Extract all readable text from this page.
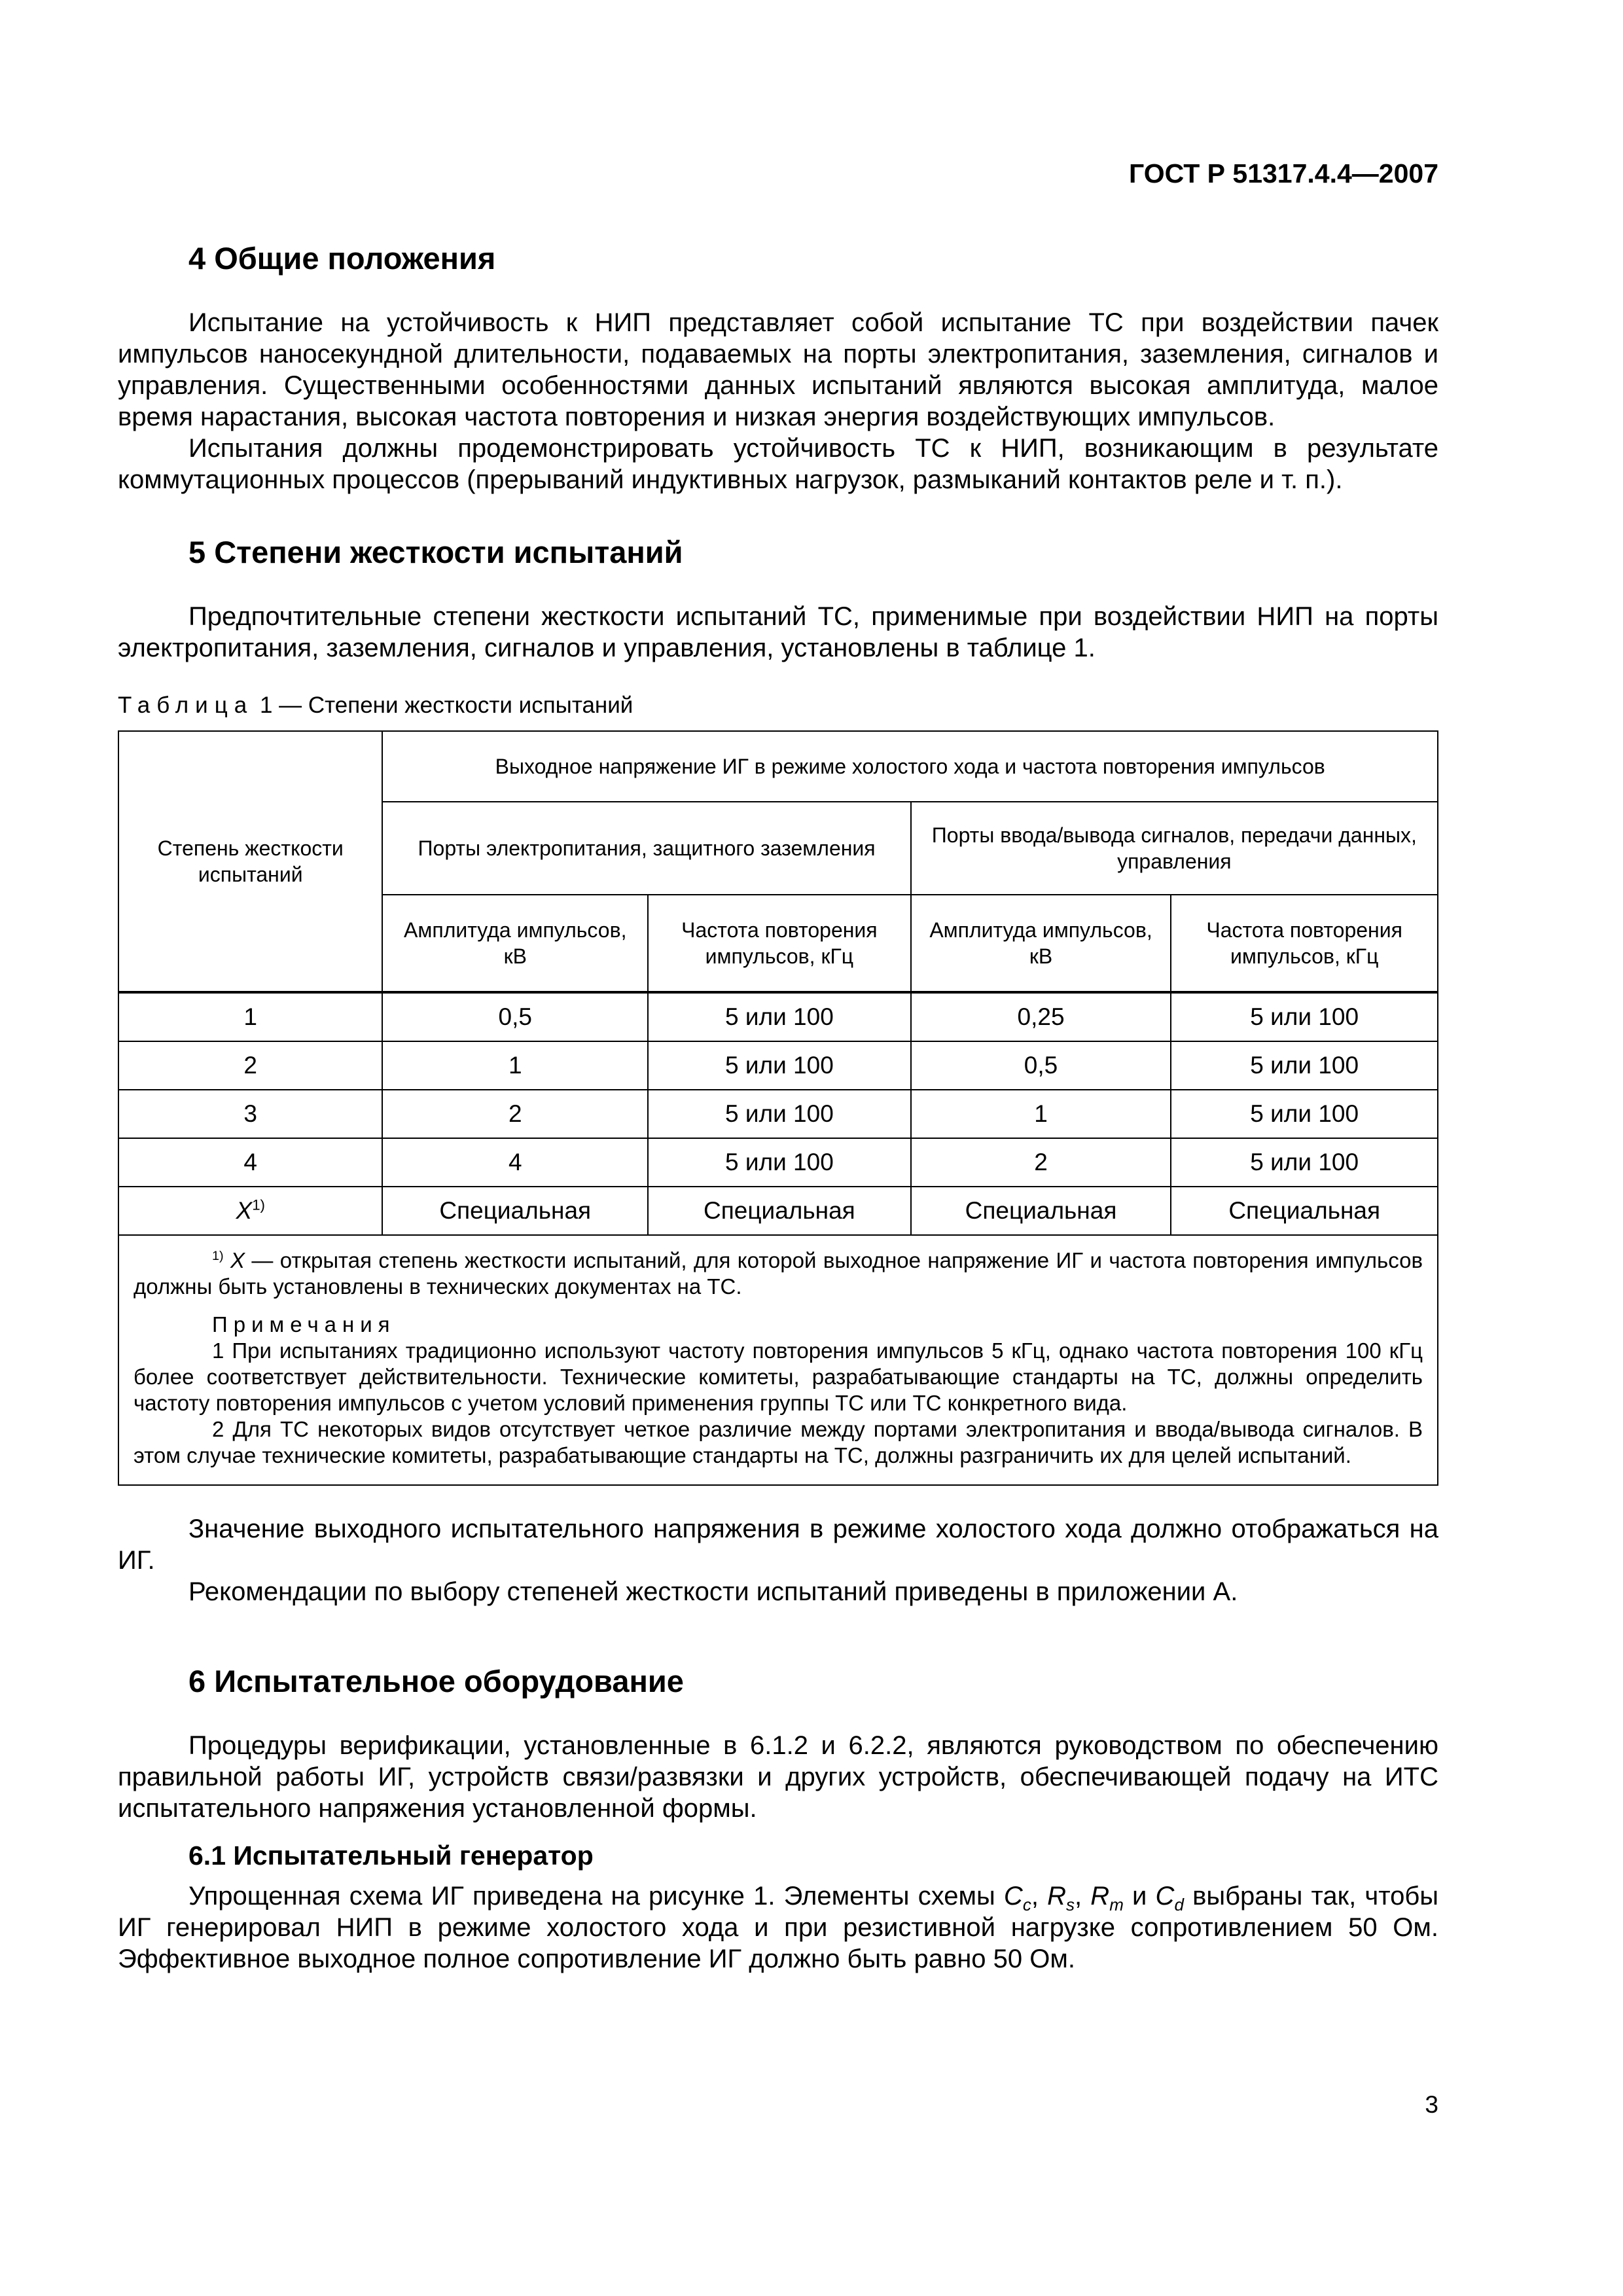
ГОСТ Р 51317.4.4—2007
4 Общие положения

Испытание на устойчивость к НИП представляет собой испытание ТС при воздействии пачек импульсов наносекундной длительности, подаваемых на порты электропитания, заземления, сигналов и управления. Существенными особенностями данных испытаний являются высокая амплитуда, малое время нарастания, высокая частота повторения и низкая энергия воздействующих импульсов.

Испытания должны продемонстрировать устойчивость ТС к НИП, возникающим в результате коммутационных процессов (прерываний индуктивных нагрузок, размыканий контактов реле и т. п.).

5 Степени жесткости испытаний

Предпочтительные степени жесткости испытаний ТС, применимые при воздействии НИП на порты электропитания, заземления, сигналов и управления, установлены в таблице 1.

Таблица 1 — Степени жесткости испытаний
Степень жесткости испытаний	Выходное напряжение ИГ в режиме холостого хода и частота повторения импульсов			
	Порты электропитания, защитного заземления		Порты ввода/вывода сигналов, передачи данных, управления	
	Амплитуда импульсов, кВ	Частота повторения импульсов, кГц	Амплитуда импульсов, кВ	Частота повторения импульсов, кГц
1	0,5	5 или 100	0,25	5 или 100
2	1	5 или 100	0,5	5 или 100
3	2	5 или 100	1	5 или 100
4	4	5 или 100	2	5 или 100
$X^{1)}$	Специальная	Специальная	Специальная	Специальная

$^{1)}$ X — открытая степень жесткости испытаний, для которой выходное напряжение ИГ и частота повторения импульсов должны быть установлены в технических документах на ТС.
Примечания
1 При испытаниях традиционно используют частоту повторения импульсов 5 кГц, однако частота повторения 100 кГц более соответствует действительности. Технические комитеты, разрабатывающие стандарты на ТС, должны определить частоту повторения импульсов с учетом условий применения группы ТС или ТС конкретного вида.
2 Для ТС некоторых видов отсутствует четкое различие между портами электропитания и ввода/вывода сигналов. В этом случае технические комитеты, разрабатывающие стандарты на ТС, должны разграничить их для целей испытаний.				

Значение выходного испытательного напряжения в режиме холостого хода должно отображаться на ИГ.

Рекомендации по выбору степеней жесткости испытаний приведены в приложении А.

6 Испытательное оборудование

Процедуры верификации, установленные в 6.1.2 и 6.2.2, являются руководством по обеспечению правильной работы ИГ, устройств связи/развязки и других устройств, обеспечивающей подачу на ИТС испытательного напряжения установленной формы.

6.1 Испытательный генератор

Упрощенная схема ИГ приведена на рисунке 1. Элементы схемы $C_c$, $R_s$, $R_m$ и $C_d$ выбраны так, чтобы ИГ генерировал НИП в режиме холостого хода и при резистивной нагрузке сопротивлением 50 Ом. Эффективное выходное полное сопротивление ИГ должно быть равно 50 Ом.

3
